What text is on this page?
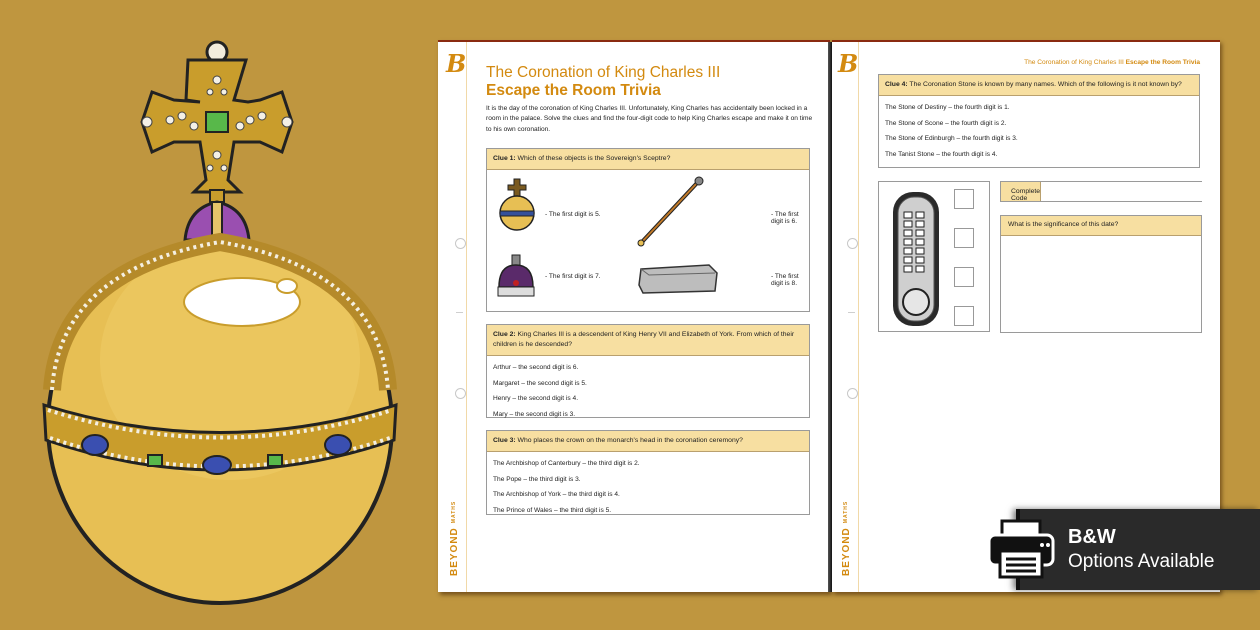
B
BEYONDMATHS
The Coronation of King Charles III
Escape the Room Trivia
It is the day of the coronation of King Charles III. Unfortunately, King Charles has accidentally been locked in a room in the palace. Solve the clues and find the four-digit code to help King Charles escape and make it on time to his own coronation.
Clue 1: Which of these objects is the Sovereign's Sceptre?
- The first digit is 5.	- The first digit is 6.
- The first digit is 7.	- The first digit is 8.
Clue 2: King Charles III is a descendent of King Henry VII and Elizabeth of York. From which of their children is he descended?
Arthur – the second digit is 6.
Margaret – the second digit is 5.
Henry – the second digit is 4.
Mary – the second digit is 3.
Clue 3: Who places the crown on the monarch's head in the coronation ceremony?
The Archbishop of Canterbury – the third digit is 2.
The Pope – the third digit is 3.
The Archbishop of York – the third digit is 4.
The Prince of Wales – the third digit is 5.
B
BEYONDMATHS
The Coronation of King Charles III Escape the Room Trivia
Clue 4: The Coronation Stone is known by many names. Which of the following is it not known by?
The Stone of Destiny – the fourth digit is 1.
The Stone of Scone – the fourth digit is 2.
The Stone of Edinburgh – the fourth digit is 3.
The Tanist Stone – the fourth digit is 4.
Complete Code
What is the significance of this date?
B&W
Options Available
